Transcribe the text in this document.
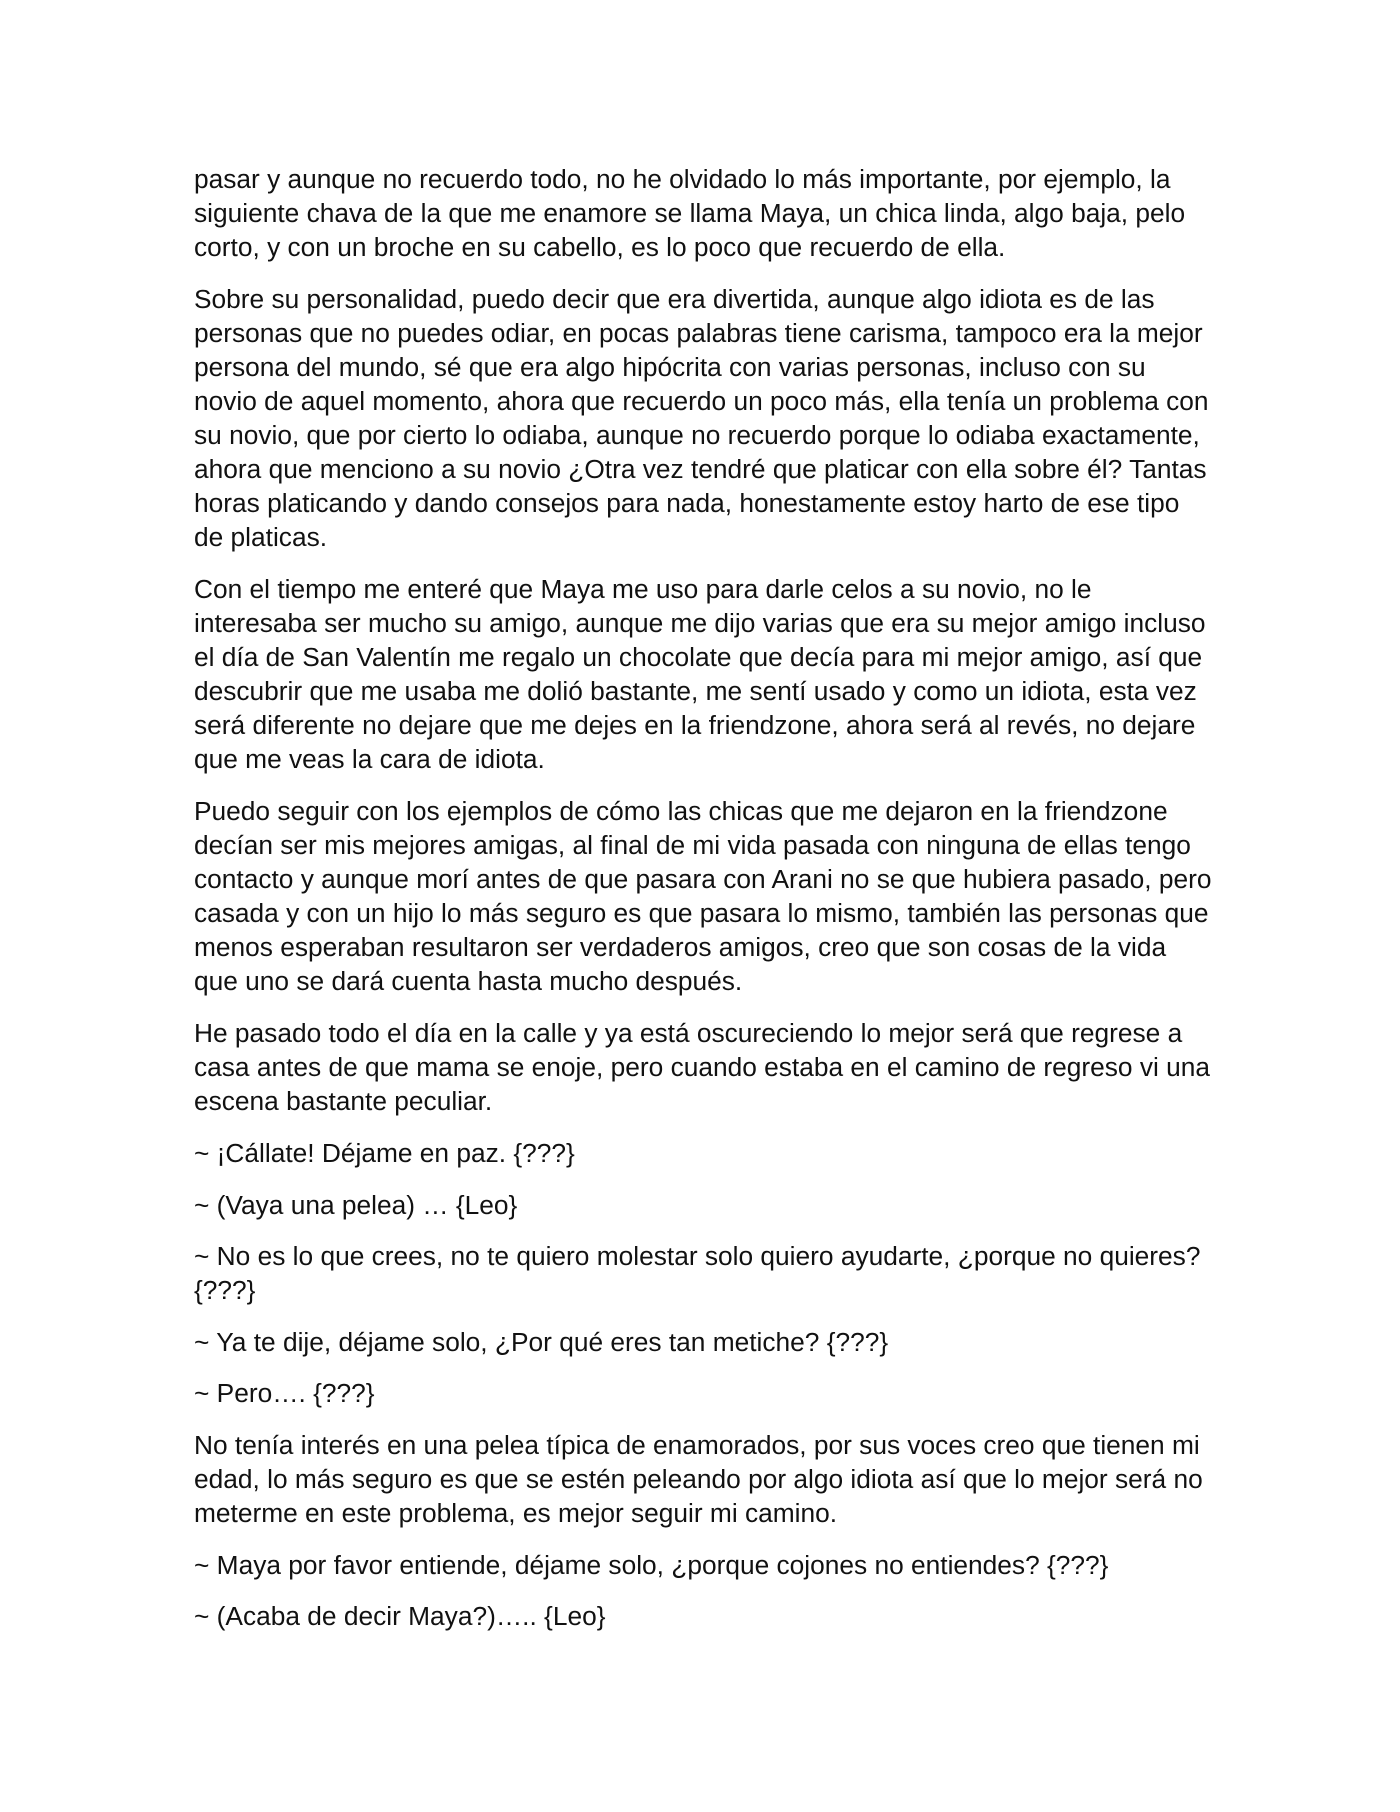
pasar y aunque no recuerdo todo, no he olvidado lo más importante, por ejemplo, la siguiente chava de la que me enamore se llama Maya, un chica linda, algo baja, pelo corto, y con un broche en su cabello, es lo poco que recuerdo de ella.

Sobre su personalidad, puedo decir que era divertida, aunque algo idiota es de las personas que no puedes odiar, en pocas palabras tiene carisma, tampoco era la mejor persona del mundo, sé que era algo hipócrita con varias personas, incluso con su novio de aquel momento, ahora que recuerdo un poco más, ella tenía un problema con su novio, que por cierto lo odiaba, aunque no recuerdo porque lo odiaba exactamente, ahora que menciono a su novio ¿Otra vez tendré que platicar con ella sobre él? Tantas horas platicando y dando consejos para nada, honestamente estoy harto de ese tipo de platicas.

Con el tiempo me enteré que Maya me uso para darle celos a su novio, no le interesaba ser mucho su amigo, aunque me dijo varias que era su mejor amigo incluso el día de San Valentín me regalo un chocolate que decía para mi mejor amigo, así que descubrir que me usaba me dolió bastante, me sentí usado y como un idiota, esta vez será diferente no dejare que me dejes en la friendzone, ahora será al revés, no dejare que me veas la cara de idiota.

Puedo seguir con los ejemplos de cómo las chicas que me dejaron en la friendzone decían ser mis mejores amigas, al final de mi vida pasada con ninguna de ellas tengo contacto y aunque morí antes de que pasara con Arani no se que hubiera pasado, pero casada y con un hijo lo más seguro es que pasara lo mismo, también las personas que menos esperaban resultaron ser verdaderos amigos, creo que son cosas de la vida que uno se dará cuenta hasta mucho después.

He pasado todo el día en la calle y ya está oscureciendo lo mejor será que regrese a casa antes de que mama se enoje, pero cuando estaba en el camino de regreso vi una escena bastante peculiar.

~ ¡Cállate! Déjame en paz. {???}

~ (Vaya una pelea) … {Leo}

~ No es lo que crees, no te quiero molestar solo quiero ayudarte, ¿porque no quieres? {???}

~ Ya te dije, déjame solo, ¿Por qué eres tan metiche? {???}

~ Pero…. {???}

No tenía interés en una pelea típica de enamorados, por sus voces creo que tienen mi edad, lo más seguro es que se estén peleando por algo idiota así que lo mejor será no meterme en este problema, es mejor seguir mi camino.

~ Maya por favor entiende, déjame solo, ¿porque cojones no entiendes? {???}

~ (Acaba de decir Maya?)….. {Leo}
